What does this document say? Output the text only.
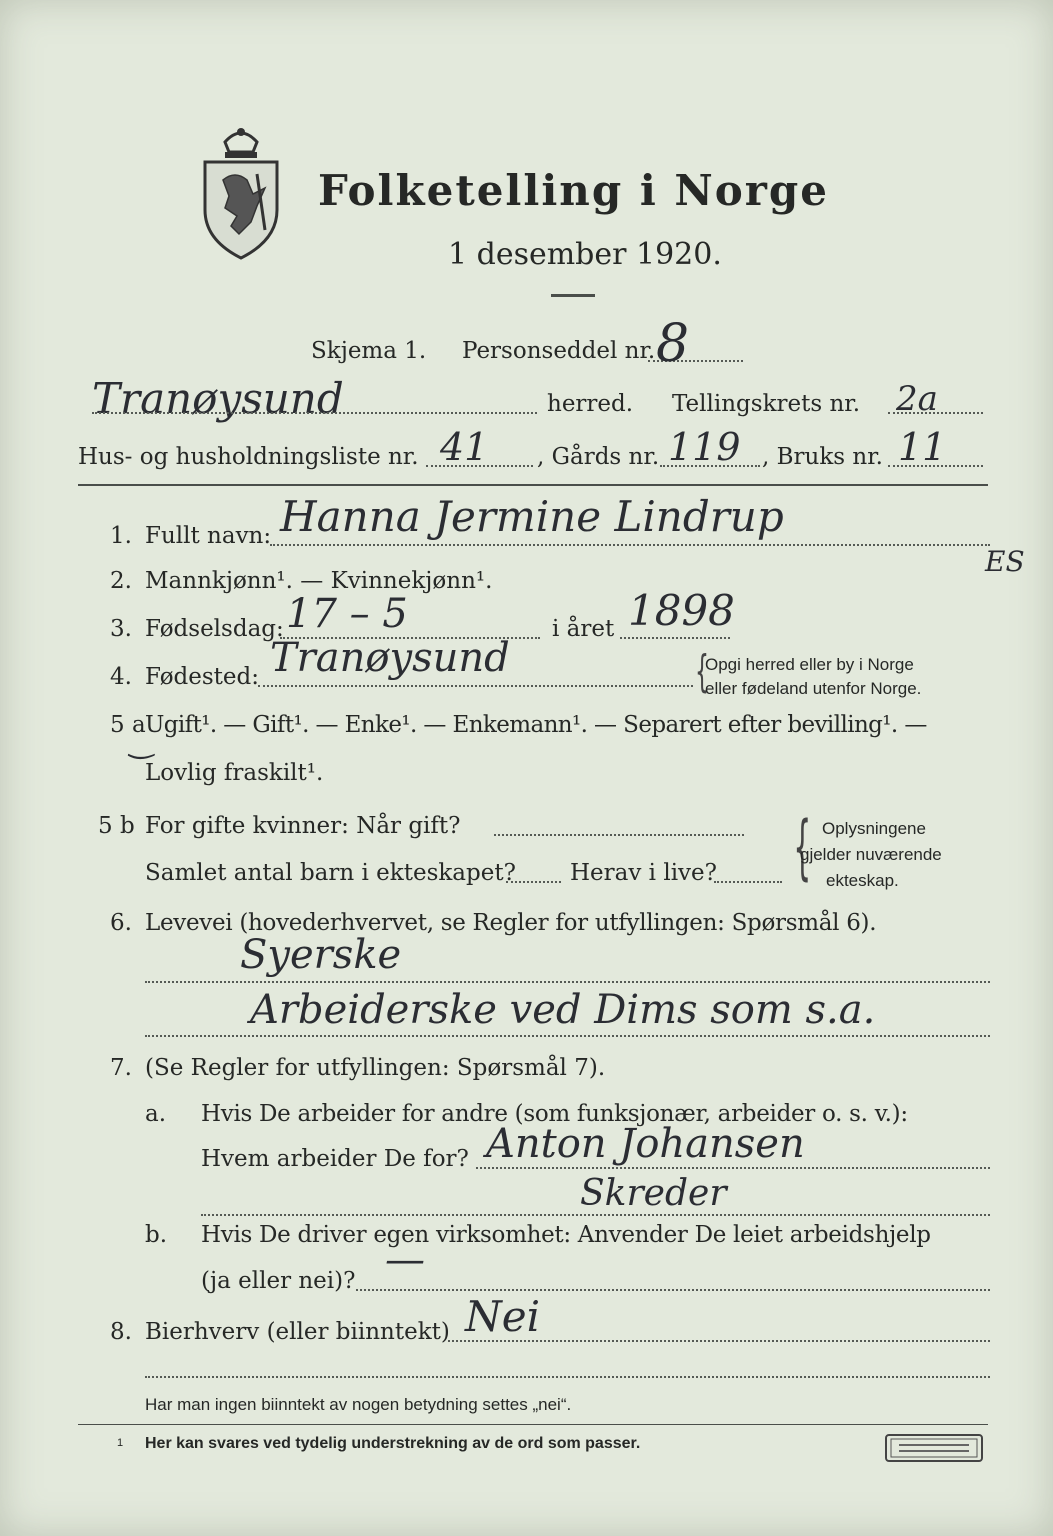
Folketelling i Norge
1 desember 1920.
Skjema 1. Personseddel nr. 8
Tranøysund	herred. Tellingskrets nr. 2a
Hus- og husholdningsliste nr. 41 , Gårds nr. 119 , Bruks nr. 11
1. Fullt navn: Hanna Jermine Lindrup
ES
2. Mannkjønn¹. — Kvinnekjønn¹.
3. Fødselsdag: 17 – 5	i året 1898
4. Fødested: Tranøysund	{
Opgi herred eller by i Norge
eller fødeland utenfor Norge.
5 a Ugift¹. — Gift¹. — Enke¹. — Enkemann¹. — Separert efter bevilling¹. —
‿
Lovlig fraskilt¹.
5 b For gifte kvinner: Når gift?
Samlet antal barn i ekteskapet? Herav i live? { Oplysningene
gjelder nuværende
ekteskap.
6. Levevei (hovederhvervet, se Regler for utfyllingen: Spørsmål 6).
Syerske
Arbeiderske ved Dims som s.a.
7. (Se Regler for utfyllingen: Spørsmål 7).
a. Hvis De arbeider for andre (som funksjonær, arbeider o. s. v.):
Hvem arbeider De for? Anton Johansen
Skreder
b. Hvis De driver egen virksomhet: Anvender De leiet arbeidshjelp
(ja eller nei)? —
8. Bierhverv (eller biinntekt) Nei
Har man ingen biinntekt av nogen betydning settes „nei“.
1 Her kan svares ved tydelig understrekning av de ord som passer.
